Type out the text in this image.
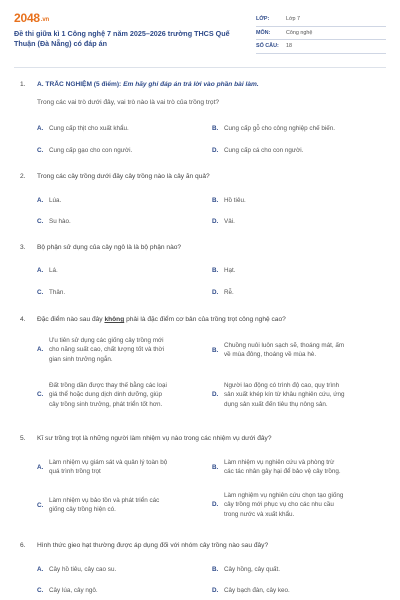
2048.vn
Đề thi giữa kì 1 Công nghệ 7 năm 2025–2026 trường THCS Quế Thuận (Đà Nẵng) có đáp án
LỚP:	Lớp 7
MÔN:	Công nghệ
SỐ CÂU:	18
1.	A. TRẮC NGHIỆM (5 điểm): Em hãy ghi đáp án trả lời vào phần bài làm.
Trong các vai trò dưới đây, vai trò nào là vai trò của trồng trọt?
A. Cung cấp thịt cho xuất khẩu.	B. Cung cấp gỗ cho công nghiệp chế biến.
C. Cung cấp gạo cho con người.	D. Cung cấp cá cho con người.
2.	Trong các cây trồng dưới đây cây trồng nào là cây ăn quả?
A. Lúa.	B. Hồ tiêu.
C. Su hào.	D. Vải.
3.	Bộ phận sử dụng của cây ngô là là bộ phận nào?
A. Lá.	B. Hạt.
C. Thân.	D. Rễ.
4.	Đặc điểm nào sau đây không phải là đặc điểm cơ bản của trồng trọt công nghệ cao?
A.
Ưu tiên sử dụng các giống cây trồng mới
cho năng suất cao, chất lượng tốt và thời
gian sinh trưởng ngắn.
B.
Chuồng nuôi luôn sạch sẽ, thoáng mát, ấm
về mùa đông, thoáng về mùa hè.
C.
Đất trồng dần được thay thế bằng các loại
giá thể hoặc dung dịch dinh dưỡng, giúp
cây trồng sinh trưởng, phát triển tốt hơn.
D.
Người lao động có trình độ cao, quy trình
sản xuất khép kín từ khâu nghiên cứu, ứng
dụng sản xuất đến tiêu thụ nông sản.
5.	Kĩ sư trồng trọt là những người làm nhiệm vụ nào trong các nhiệm vụ dưới đây?
A.
Làm nhiệm vụ giám sát và quản lý toàn bộ
quá trình trồng trọt
B.
Làm nhiệm vụ nghiên cứu và phòng trừ
các tác nhân gây hại để bảo vệ cây trồng.
C.
Làm nhiệm vụ bảo tồn và phát triển các
giống cây trồng hiện có.
D.
Làm nghiệm vụ nghiên cứu chọn tạo giống
cây trồng mới phục vụ cho các nhu cầu
trong nước và xuất khẩu.
6.	Hình thức gieo hạt thường được áp dụng đối với nhóm cây trồng nào sau đây?
A. Cây hồ tiêu, cây cao su.	B. Cây hồng, cây quất.
C. Cây lúa, cây ngô.	D. Cây bạch đàn, cây keo.
